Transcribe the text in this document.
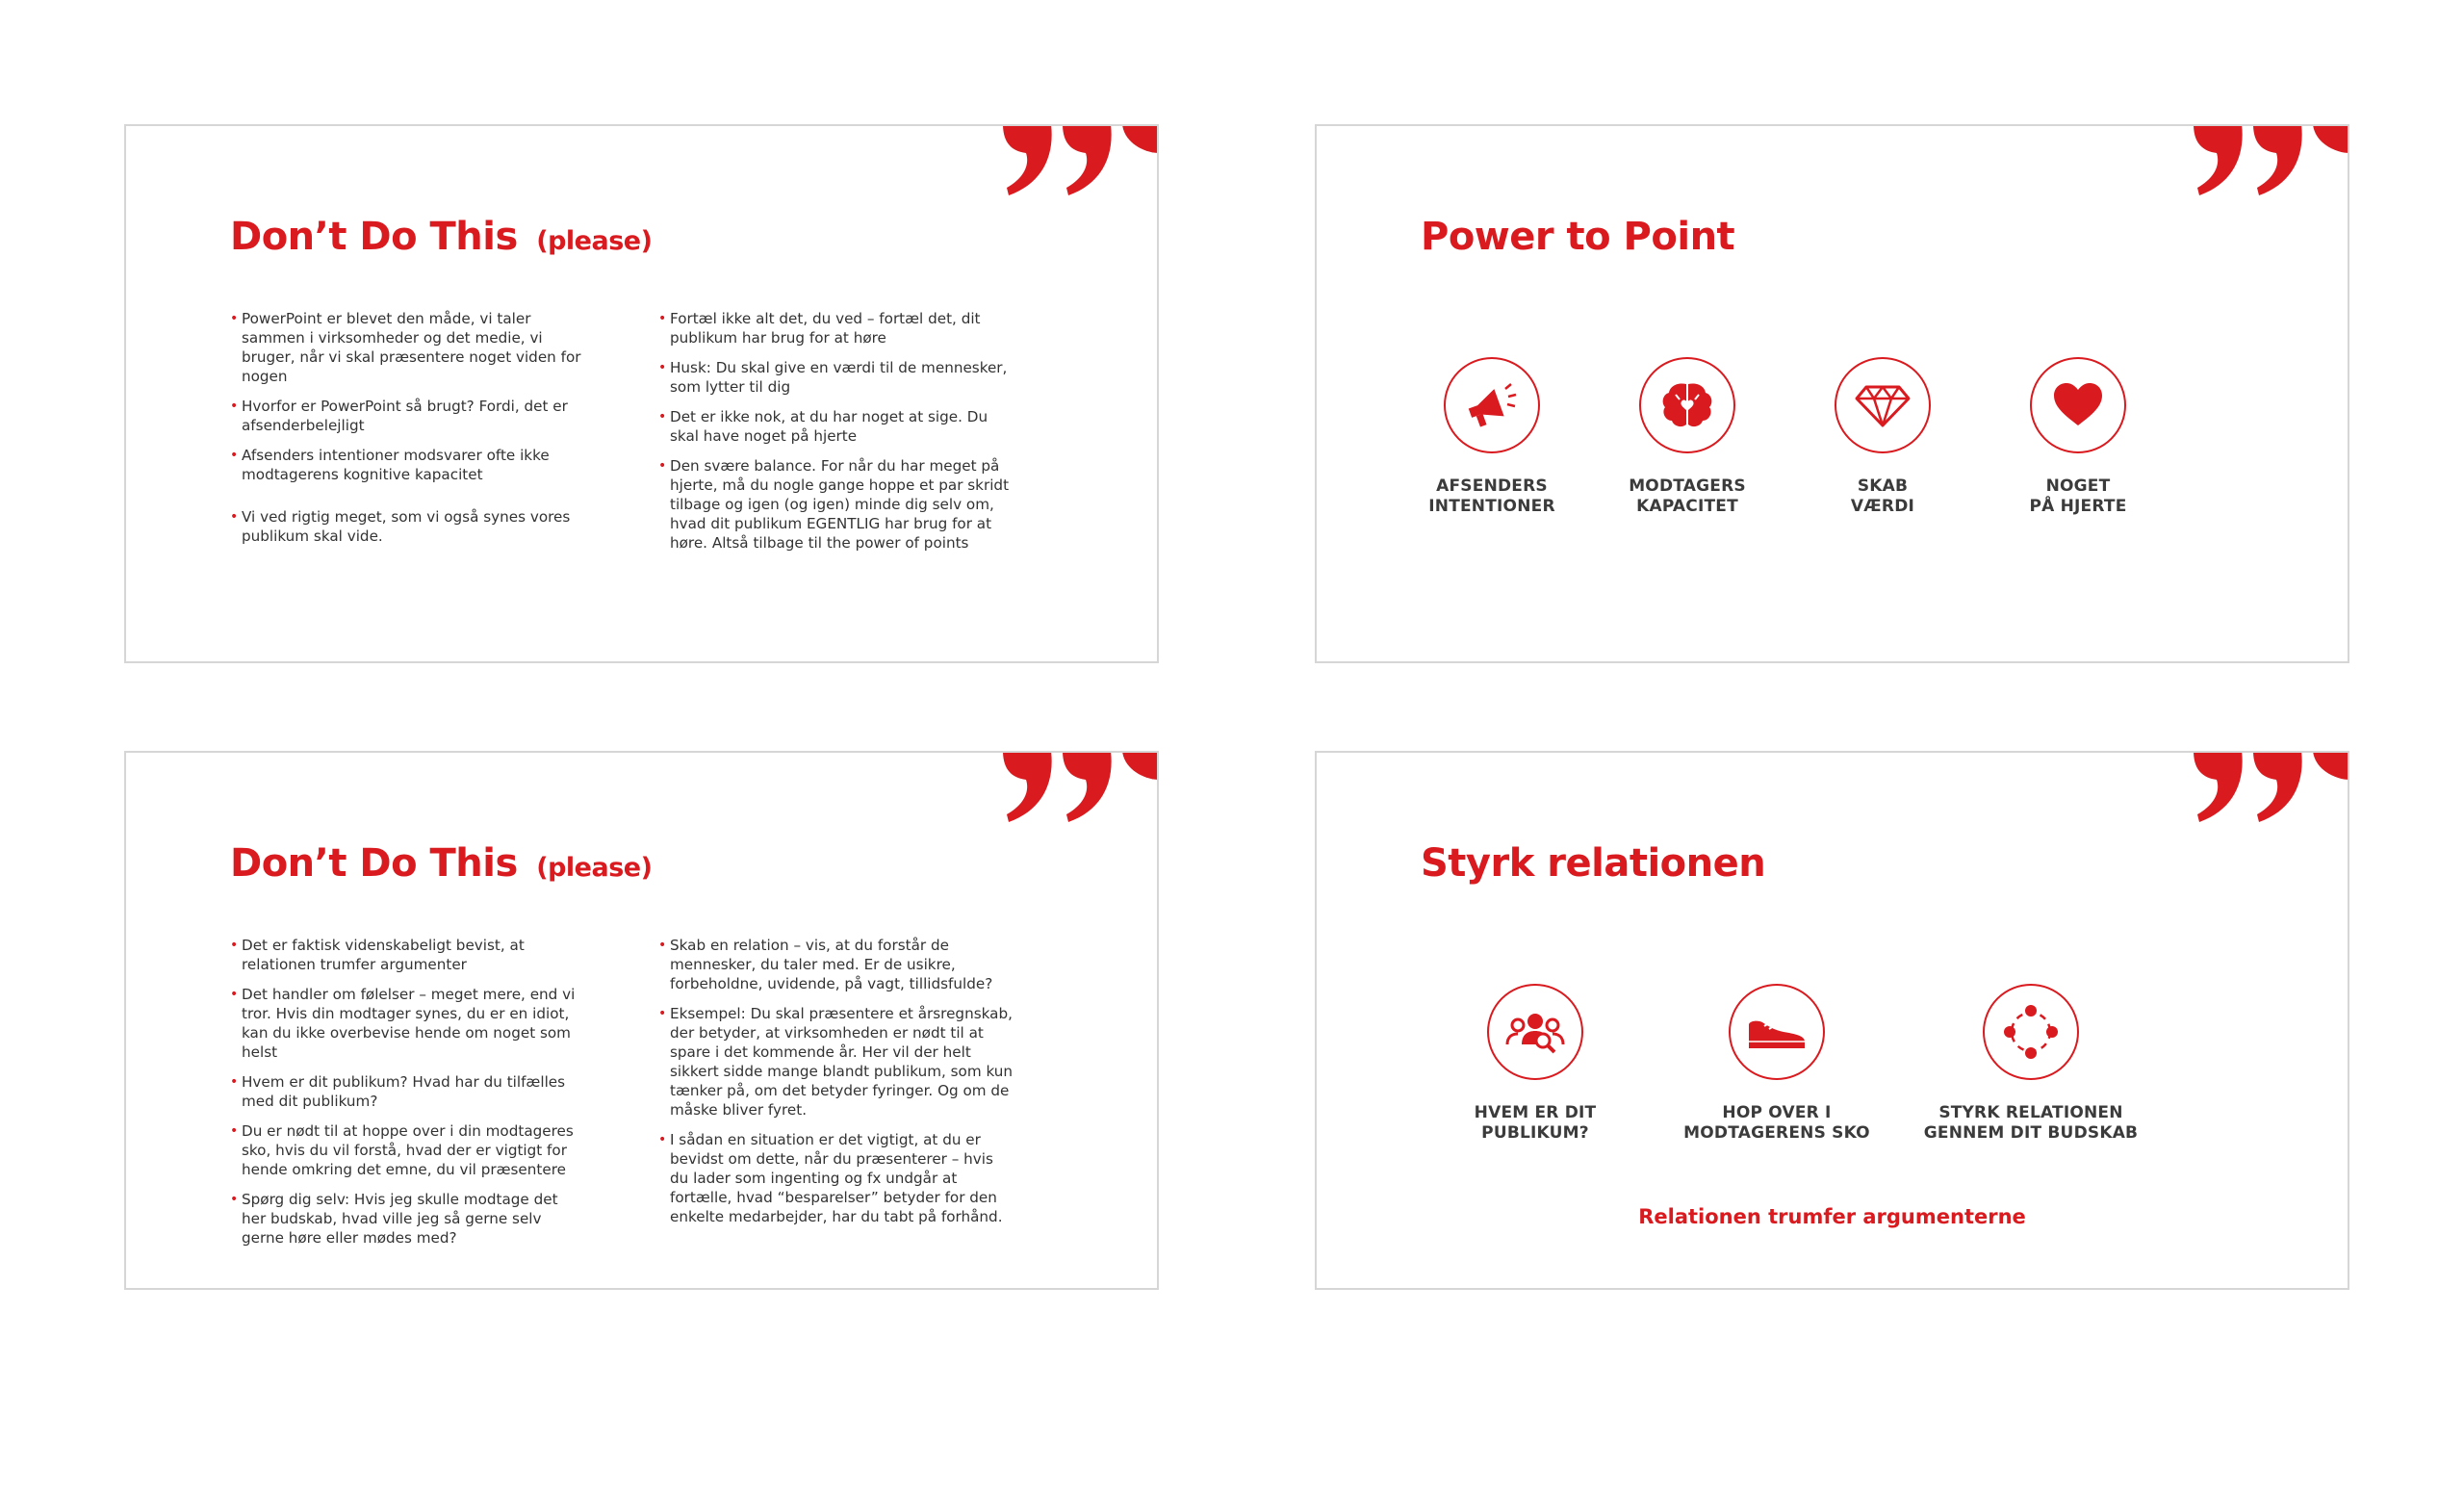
Don’t Do This (please)
• PowerPoint er blevet den måde, vi taler sammen i virksomheder og det medie, vi bruger, når vi skal præsentere noget viden for nogen
• Hvorfor er PowerPoint så brugt? Fordi, det er afsenderbelejligt
• Afsenders intentioner modsvarer ofte ikke modtagerens kognitive kapacitet
• Vi ved rigtig meget, som vi også synes vores publikum skal vide.
• Fortæl ikke alt det, du ved – fortæl det, dit publikum har brug for at høre
• Husk: Du skal give en værdi til de mennesker, som lytter til dig
• Det er ikke nok, at du har noget at sige. Du skal have noget på hjerte
• Den svære balance. For når du har meget på hjerte, må du nogle gange hoppe et par skridt tilbage og igen (og igen) minde dig selv om, hvad dit publikum EGENTLIG har brug for at høre. Altså tilbage til the power of points
Power to Point
AFSENDERS
INTENTIONER
MODTAGERS
KAPACITET
SKAB
VÆRDI
NOGET
PÅ HJERTE
Don’t Do This (please)
• Det er faktisk videnskabeligt bevist, at relationen trumfer argumenter
• Det handler om følelser – meget mere, end vi tror. Hvis din modtager synes, du er en idiot, kan du ikke overbevise hende om noget som helst
• Hvem er dit publikum? Hvad har du tilfælles med dit publikum?
• Du er nødt til at hoppe over i din modtageres sko, hvis du vil forstå, hvad der er vigtigt for hende omkring det emne, du vil præsentere
• Spørg dig selv: Hvis jeg skulle modtage det her budskab, hvad ville jeg så gerne selv gerne høre eller mødes med?
• Skab en relation – vis, at du forstår de mennesker, du taler med. Er de usikre, forbeholdne, uvidende, på vagt, tillidsfulde?
• Eksempel: Du skal præsentere et årsregnskab, der betyder, at virksomheden er nødt til at spare i det kommende år. Her vil der helt sikkert sidde mange blandt publikum, som kun tænker på, om det betyder fyringer. Og om de måske bliver fyret.
• I sådan en situation er det vigtigt, at du er bevidst om dette, når du præsenterer – hvis du lader som ingenting og fx undgår at fortælle, hvad “besparelser” betyder for den enkelte medarbejder, har du tabt på forhånd.
Styrk relationen
HVEM ER DIT
PUBLIKUM?
HOP OVER I
MODTAGERENS SKO
STYRK RELATIONEN
GENNEM DIT BUDSKAB
Relationen trumfer argumenterne
